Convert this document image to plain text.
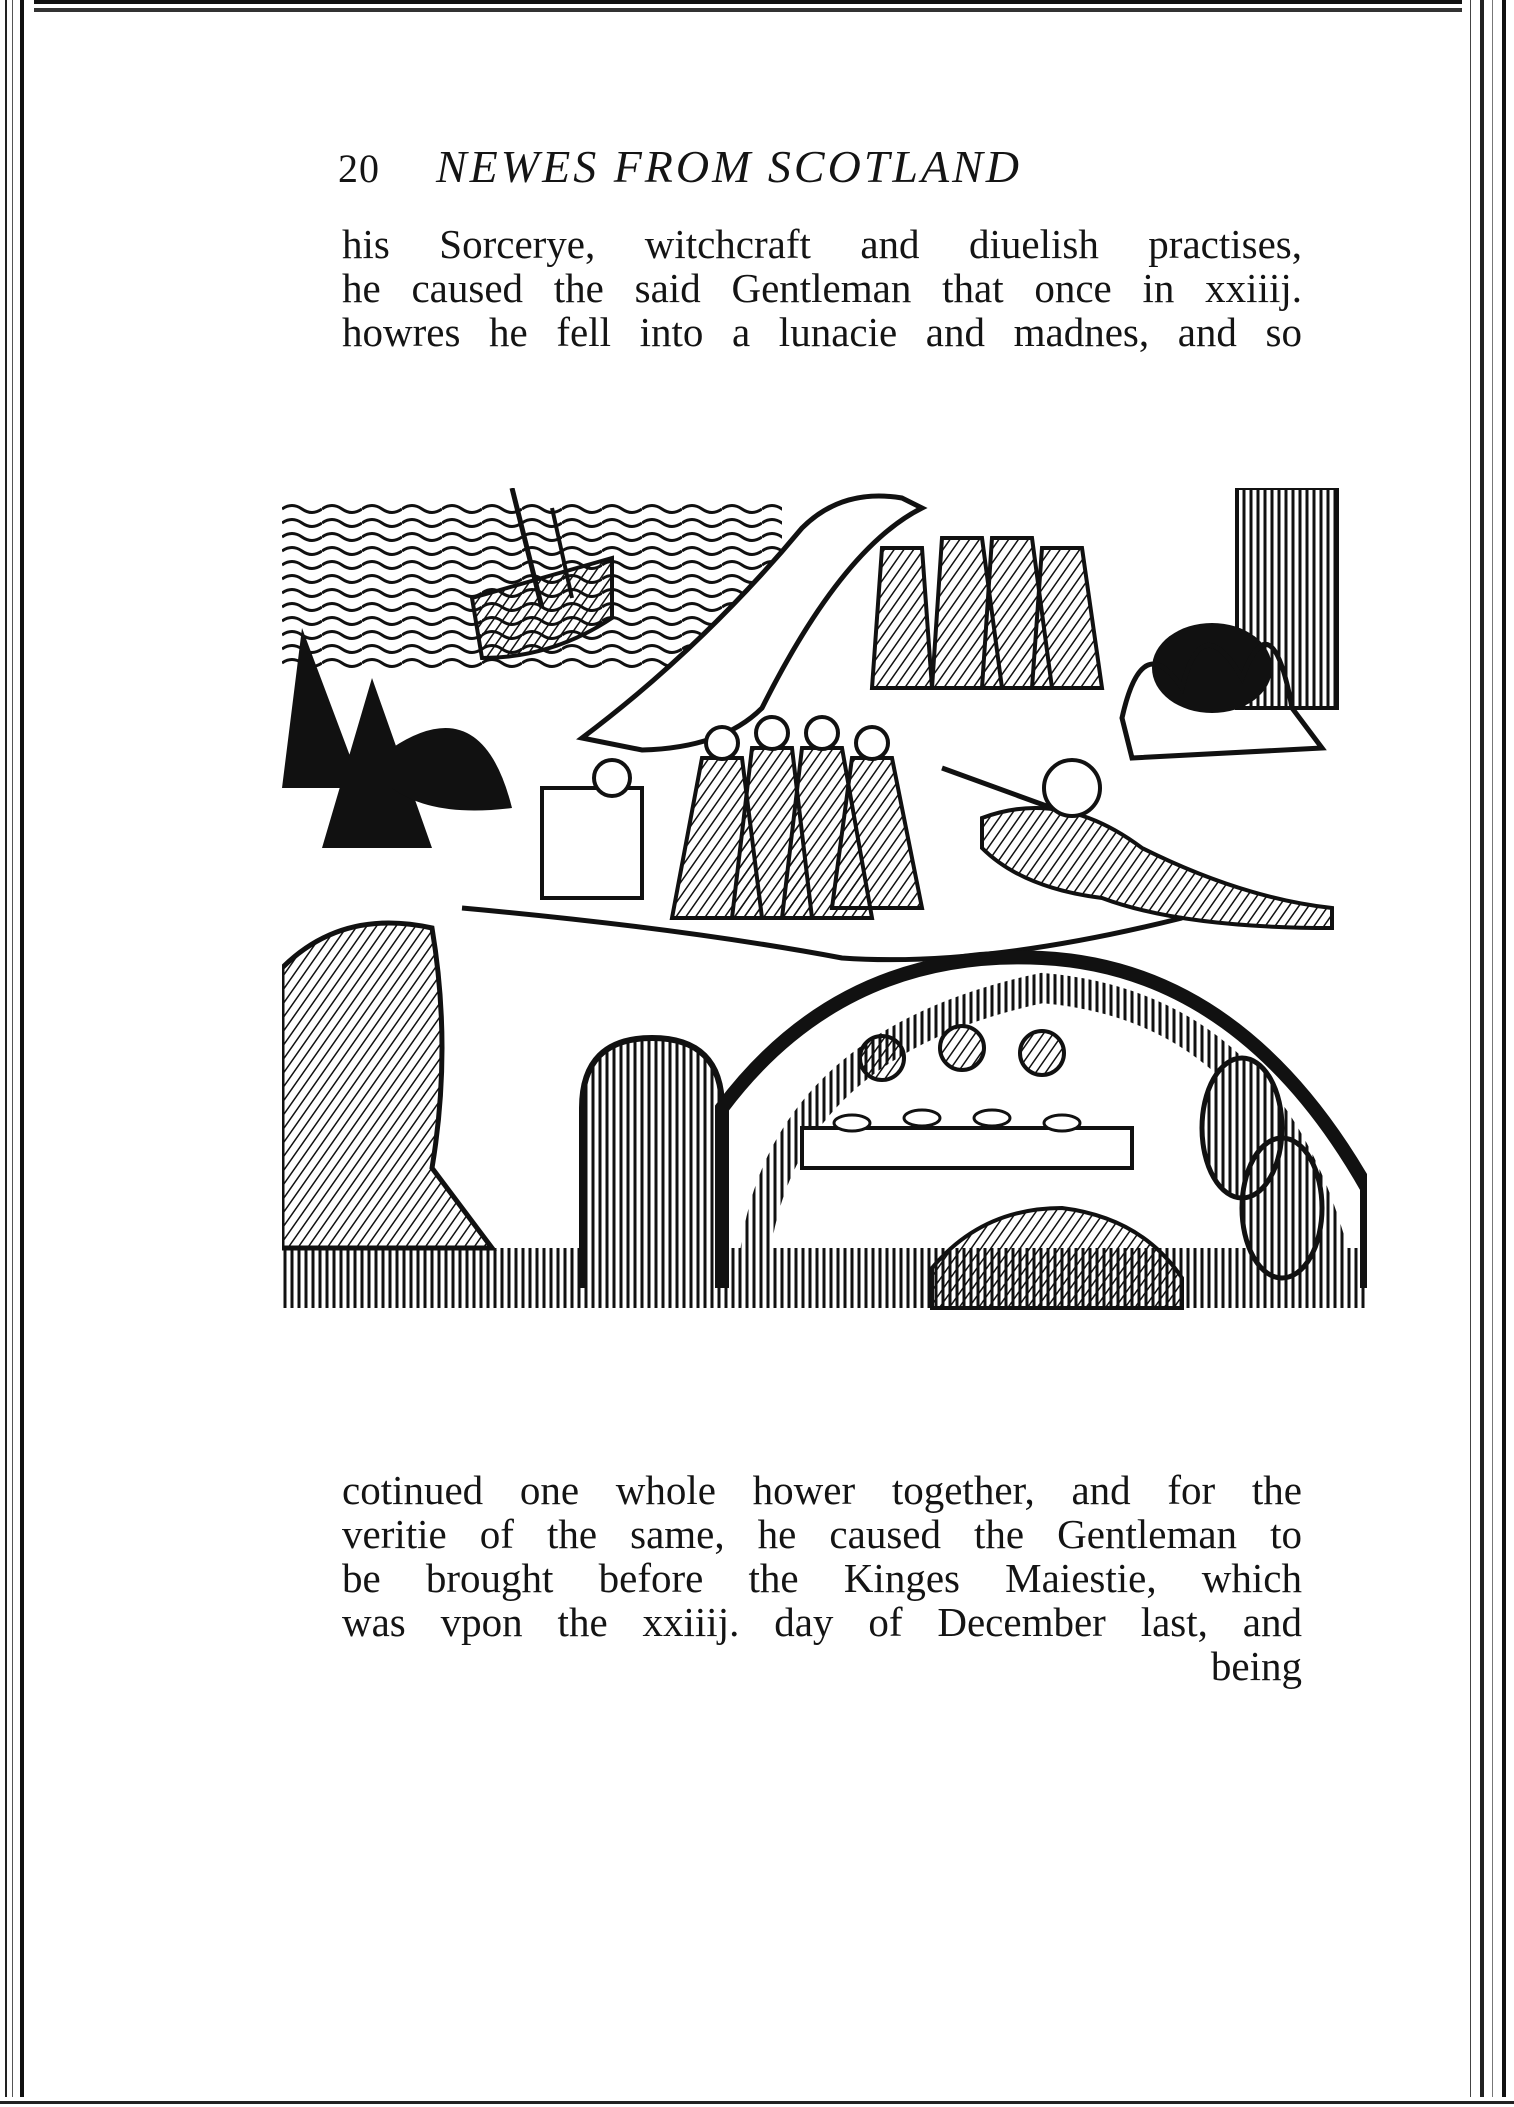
20 NEWES FROM SCOTLAND
his Sorcerye, witchcraft and diuelish practises,
he caused the said Gentleman that once in xxiiij.
howres he fell into a lunacie and madnes, and so
cotinued one whole hower together, and for the
veritie of the same, he caused the Gentleman to
be brought before the Kinges Maiestie, which
was vpon the xxiiij. day of December last, and
being
